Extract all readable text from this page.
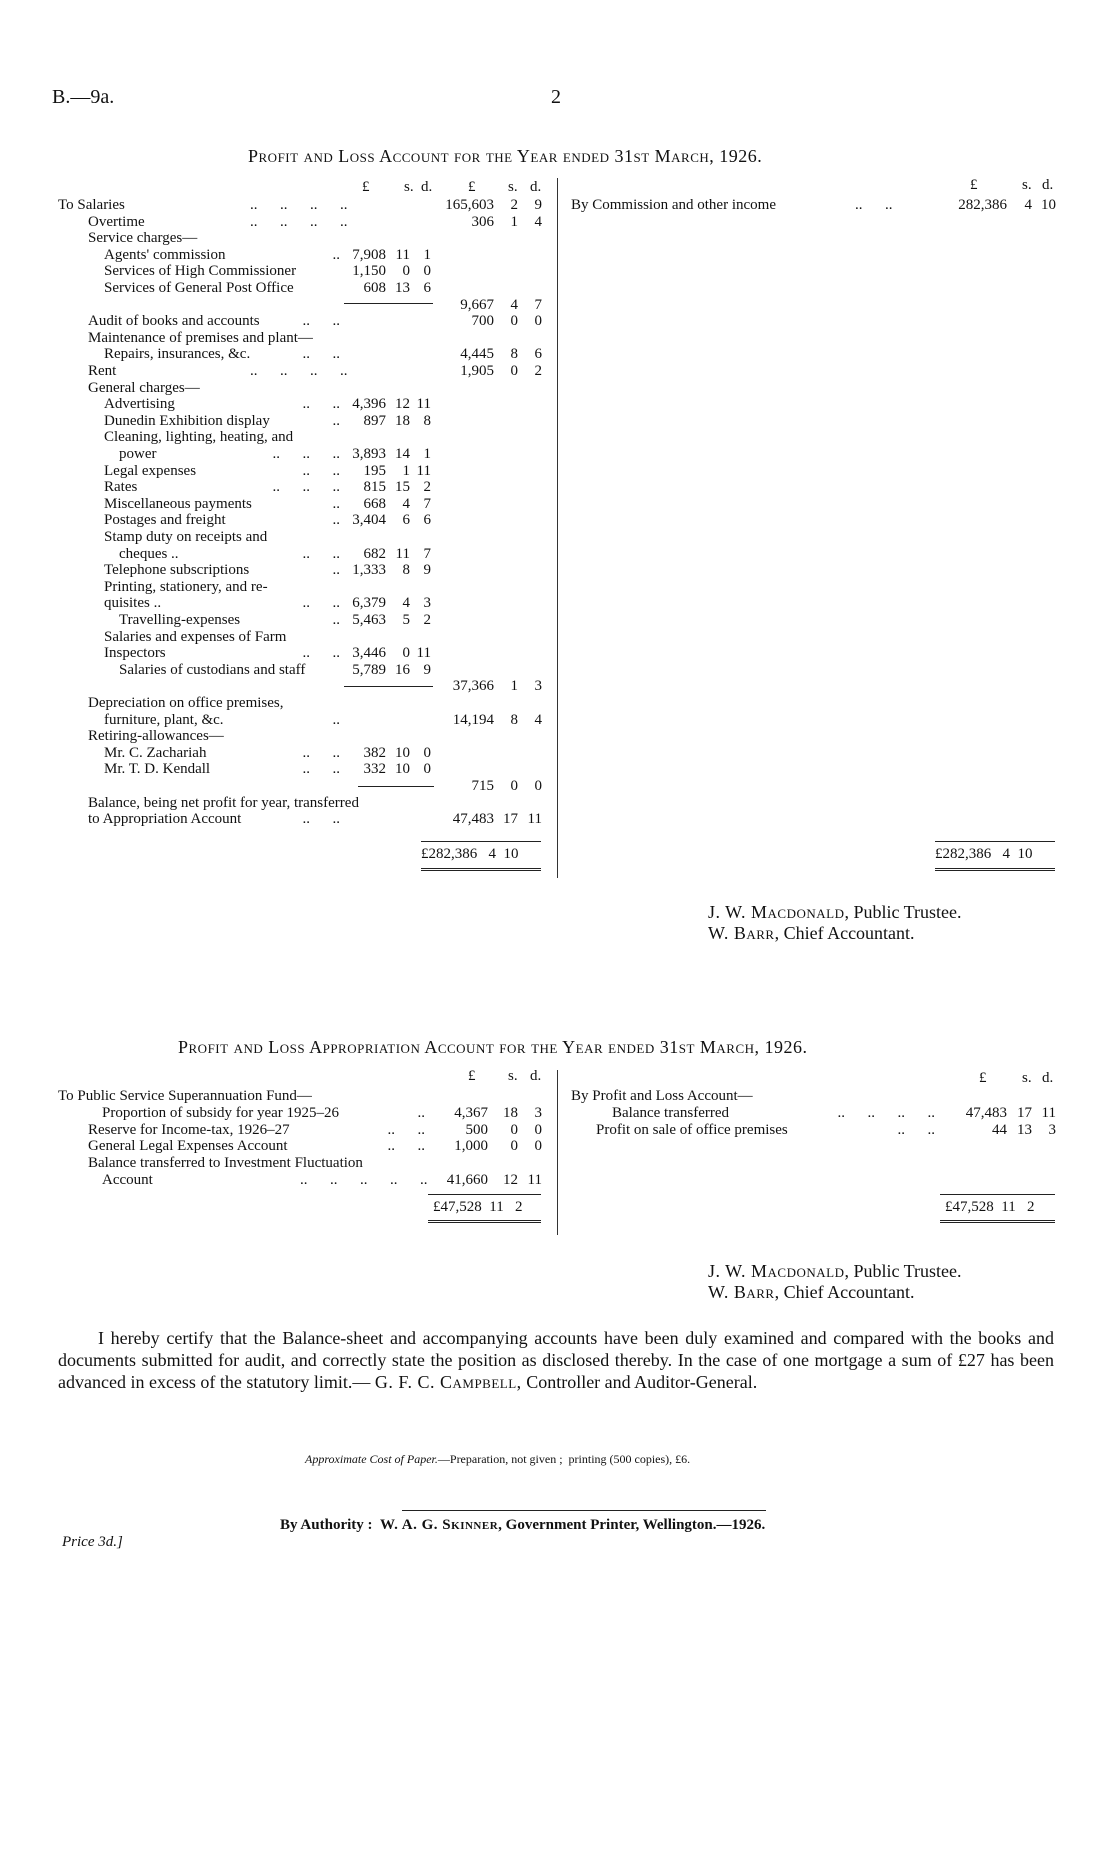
B.—9a.	2
Profit and Loss Account for the Year ended 31st March, 1926.
£ s. d. £ s. d.
To Salaries	..      ..      ..      ..	165,603	2	9
Overtime	..      ..      ..      ..	306	1	4
Service charges—
Agents' commission	.. 7,908 11 1
Services of High Commissioner	1,150	0 0
Services of General Post Office	608 13 6
9,667	4	7
Audit of books and accounts	..      ..	700	0	0
Maintenance of premises and plant—
Repairs, insurances, &c.	..      ..	4,445	8	6
Rent	..      ..      ..      ..	1,905	0	2
General charges—
Advertising	..      .. 4,396 12 11
Dunedin Exhibition display	..	897 18 8
Cleaning, lighting, heating, and
power	..      ..      .. 3,893 14 1
Legal expenses	..      ..	195	1 11
Rates	..      ..      ..	815 15 2
Miscellaneous payments	..	668	4 7
Postages and freight	.. 3,404	6 6
Stamp duty on receipts and
cheques ..	..      ..	682 11 7
Telephone subscriptions	.. 1,333	8 9
Printing, stationery, and re-
quisites ..	..      .. 6,379	4 3
Travelling-expenses	.. 5,463	5 2
Salaries and expenses of Farm
Inspectors	..      .. 3,446	0 11
Salaries of custodians and staff	5,789 16 9
37,366	1	3
Depreciation on office premises,
furniture, plant, &c.	..	14,194	8	4
Retiring-allowances—
Mr. C. Zachariah	..      ..	382 10 0
Mr. T. D. Kendall	..      ..	332 10 0
715	0	0
Balance, being net profit for year, transferred
to Appropriation Account	..      ..	47,483 17 11
£	s. d.
By Commission and other income	..      ..	282,386	4 10
£282,386   4  10
£282,386   4  10
J. W. Macdonald, Public Trustee.
W. Barr, Chief Accountant.
Profit and Loss Appropriation Account for the Year ended 31st March, 1926.
£ s. d.	£ s. d.
To Public Service Superannuation Fund—
Proportion of subsidy for year 1925–26	..	4,367	18	3
Reserve for Income-tax, 1926–27	..      ..	500	0	0
General Legal Expenses Account	..      ..	1,000	0	0
Balance transferred to Investment Fluctuation
Account	..      ..      ..      ..      ..	41,660	12 11
By Profit and Loss Account—
Balance transferred	..      ..      ..      ..	47,483 17 11
Profit on sale of office premises	..      ..	44 13	3
£47,528  11   2	£47,528  11   2
J. W. Macdonald, Public Trustee.
W. Barr, Chief Accountant.
I hereby certify that the Balance-sheet and accompanying accounts have been duly examined and compared with the books and documents submitted for audit, and correctly state the position as disclosed thereby. In the case of one mortgage a sum of £27 has been advanced in excess of the statutory limit.— G. F. C. Campbell, Controller and Auditor-General.
Approximate Cost of Paper.—Preparation, not given ;  printing (500 copies), £6.
By Authority : W. A. G. Skinner, Government Printer, Wellington.—1926.
Price 3d.]
